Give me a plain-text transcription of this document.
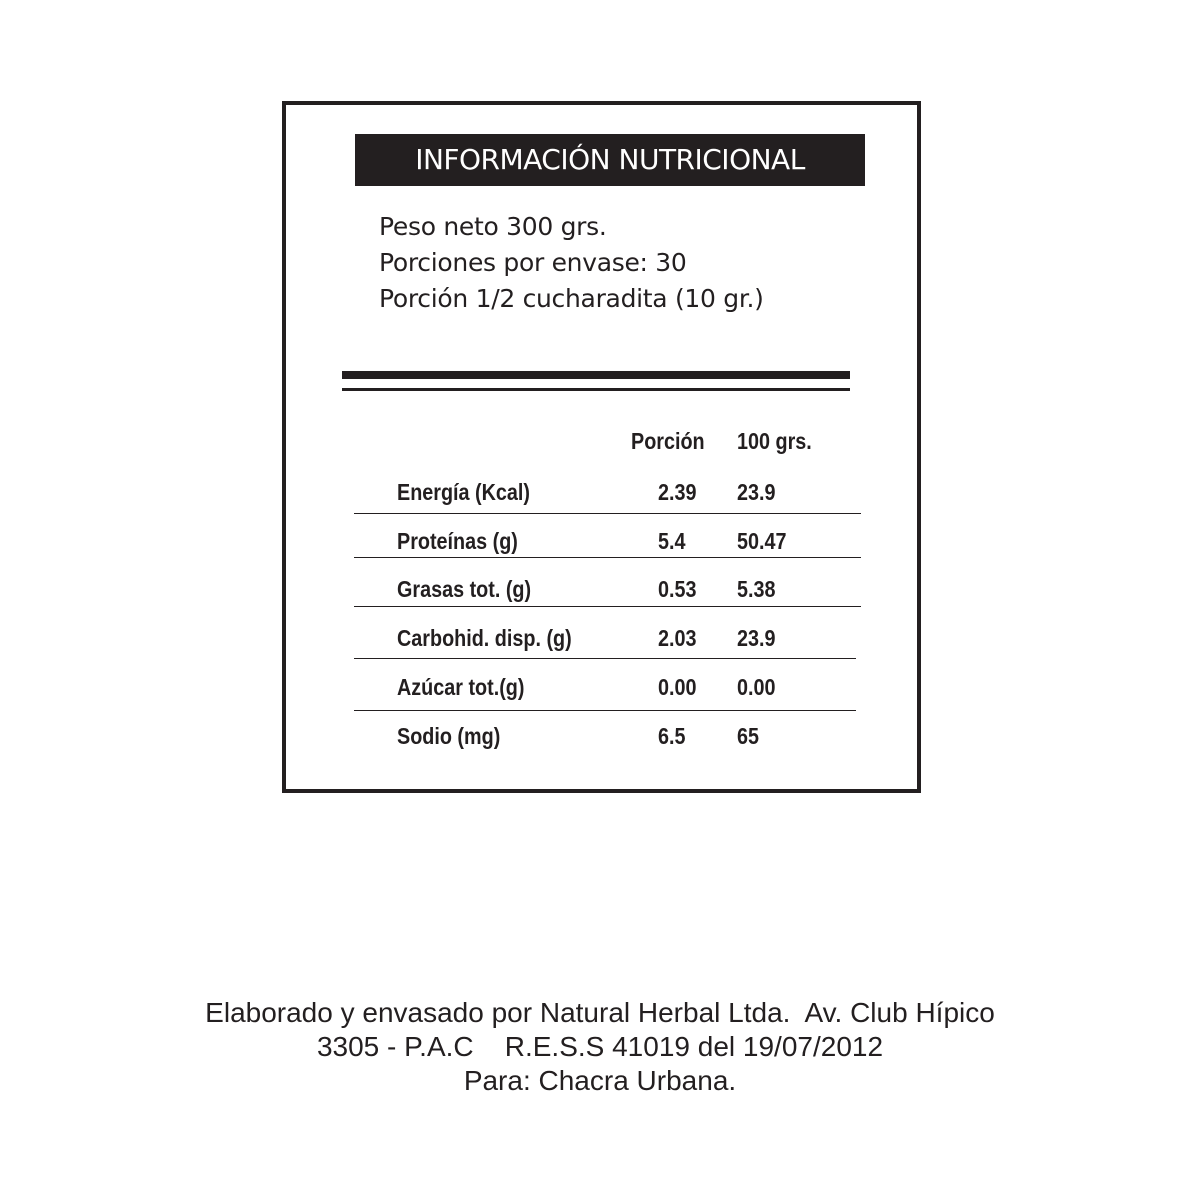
INFORMACIÓN NUTRICIONAL
Peso neto 300 grs.
Porciones por envase: 30
Porción 1/2 cucharadita (10 gr.)
Porción 100 grs.
Energía (Kcal)	2.39 23.9
Proteínas (g)	5.4 50.47
Grasas tot. (g)	0.53 5.38
Carbohid. disp. (g)	2.03 23.9
Azúcar tot.(g)	0.00 0.00
Sodio (mg)	6.5 65
Elaborado y envasado por Natural Herbal Ltda.  Av. Club Hípico
3305 - P.A.C    R.E.S.S 41019 del 19/07/2012
Para: Chacra Urbana.
